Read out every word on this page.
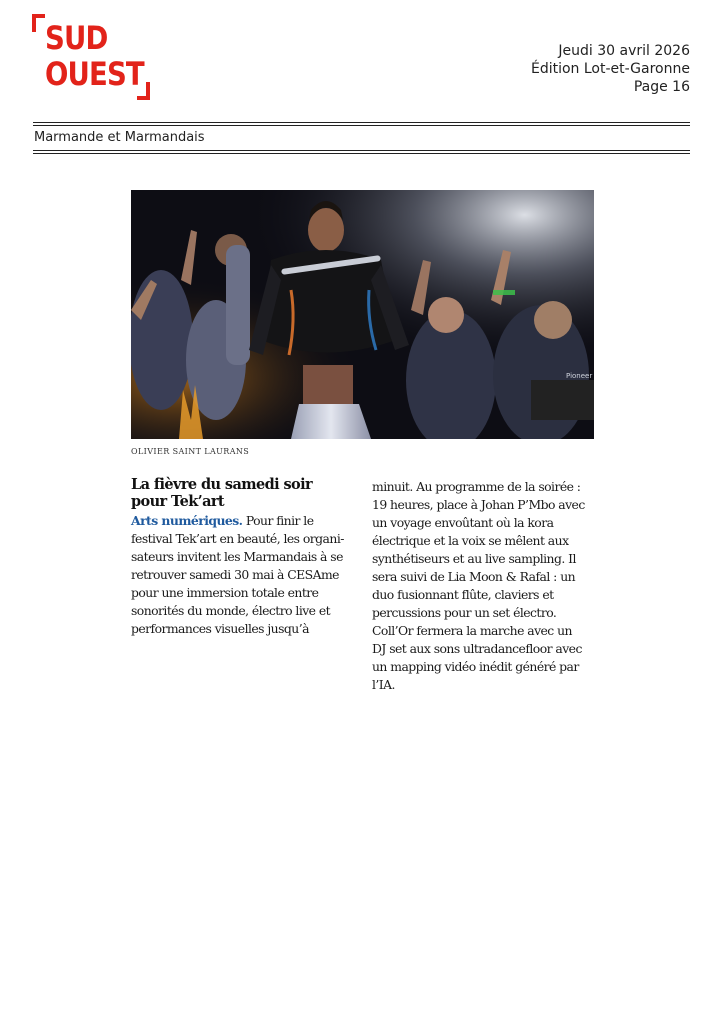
SUD
OUEST
Jeudi 30 avril 2026
Édition Lot-et-Garonne
Page 16
Marmande et Marmandais
Pioneer
OLIVIER SAINT LAURANS
La fièvre du samedi soir
pour Tek’art
Arts numériques. Pour finir le
festival Tek’art en beauté, les organi-
sateurs invitent les Marmandais à se
retrouver samedi 30 mai à CESAme
pour une immersion totale entre
sonorités du monde, électro live et
performances visuelles jusqu’à
minuit. Au programme de la soirée :
19 heures, place à Johan P’Mbo avec
un voyage envoûtant où la kora
électrique et la voix se mêlent aux
synthétiseurs et au live sampling. Il
sera suivi de Lia Moon & Rafal : un
duo fusionnant flûte, claviers et
percussions pour un set électro.
Coll’Or fermera la marche avec un
DJ set aux sons ultradancefloor avec
un mapping vidéo inédit généré par
l’IA.
